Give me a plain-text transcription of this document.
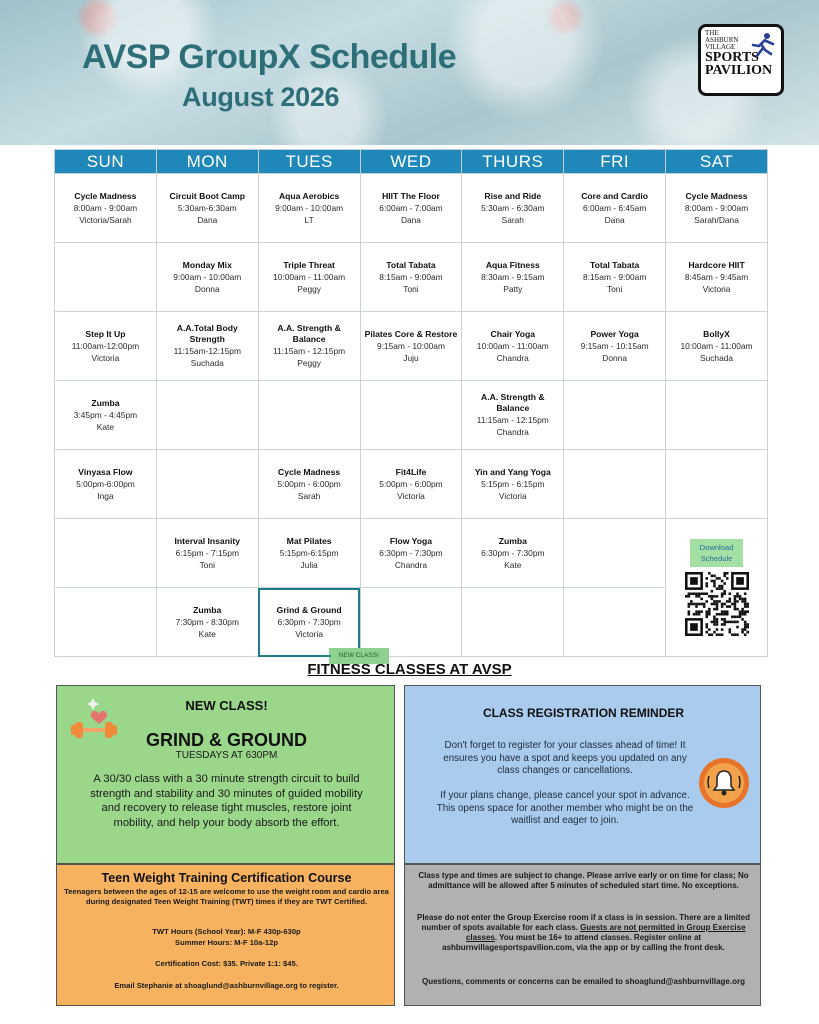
AVSP GroupX Schedule
August 2026
THE
ASHBURN
VILLAGE
SPORTS
PAVILION
SUN	MON	TUES	WED	THURS	FRI	SAT

Cycle Madness
8:00am - 9:00am
Victoria/Sarah	Circuit Boot Camp
5:30am-6:30am
Dana	Aqua Aerobics
9:00am - 10:00am
LT	HIIT The Floor
6:00am - 7:00am
Dana	Rise and Ride
5:30am - 6:30am
Sarah	Core and Cardio
6:00am - 6:45am
Dana	Cycle Madness
8:00am - 9:00am
Sarah/Dana

	Monday Mix
9:00am - 10:00am
Donna	Triple Threat
10:00am - 11:00am
Peggy	Total Tabata
8:15am - 9:00am
Toni	Aqua Fitness
8:30am - 9:15am
Patty	Total Tabata
8:15am - 9:00am
Toni	Hardcore HIIT
8:45am - 9:45am
Victoria

Step It Up
11:00am-12:00pm
Victoria	A.A.Total Body Strength
11:15am-12:15pm
Suchada	A.A. Strength & Balance
11:15am - 12:15pm
Peggy	Pilates Core & Restore
9:15am - 10:00am
Juju	Chair Yoga
10:00am - 11:00am
Chandra	Power Yoga
9:15am - 10:15am
Donna	BollyX
10:00am - 11:00am
Suchada

Zumba
3:45pm - 4:45pm
Kate				A.A. Strength & Balance
11:15am - 12:15pm
Chandra		

Vinyasa Flow
5:00pm-6:00pm
Inga		Cycle Madness
5:00pm - 6:00pm
Sarah	Fit4Life
5:00pm - 6:00pm
Victoria	Yin and Yang Yoga
5:15pm - 6:15pm
Victoria		

	Interval Insanity
6:15pm - 7:15pm
Toni	Mat Pilates
5:15pm-6:15pm
Julia	Flow Yoga
6:30pm - 7:30pm
Chandra	Zumba
6:30pm - 7:30pm
Kate		Download
Schedule

	Zumba
7:30pm - 8:30pm
Kate	Grind & Ground
6:30pm - 7:30pm
Victoria
NEW CLASS!				

FITNESS CLASSES AT AVSP
NEW CLASS!
GRIND & GROUND
TUESDAYS AT 630PM
A 30/30 class with a 30 minute strength circuit to build strength and stability and 30 minutes of guided mobility and recovery to release tight muscles, restore joint mobility, and help your body absorb the effort.
CLASS REGISTRATION REMINDER
Don't forget to register for your classes ahead of time! It ensures you have a spot and keeps you updated on any class changes or cancellations.
If your plans change, please cancel your spot in advance. This opens space for another member who might be on the waitlist and eager to join.
Teen Weight Training Certification Course
Teenagers between the ages of 12-15 are welcome to use the weight room and cardio area during designated Teen Weight Training (TWT) times if they are TWT Certified.
TWT Hours (School Year): M-F 430p-630p
Summer Hours: M-F 10a-12p
Certification Cost: $35. Private 1:1: $45.
Email Stephanie at shoaglund@ashburnvillage.org to register.
Class type and times are subject to change. Please arrive early or on time for class; No admittance will be allowed after 5 minutes of scheduled start time. No exceptions.
Please do not enter the Group Exercise room if a class is in session. There are a limited number of spots available for each class. Guests are not permitted in Group Exercise classes. You must be 16+ to attend classes. Register online at ashburnvillagesportspavilion.com, via the app or by calling the front desk.
Questions, comments or concerns can be emailed to shoaglund@ashburnvillage.org
